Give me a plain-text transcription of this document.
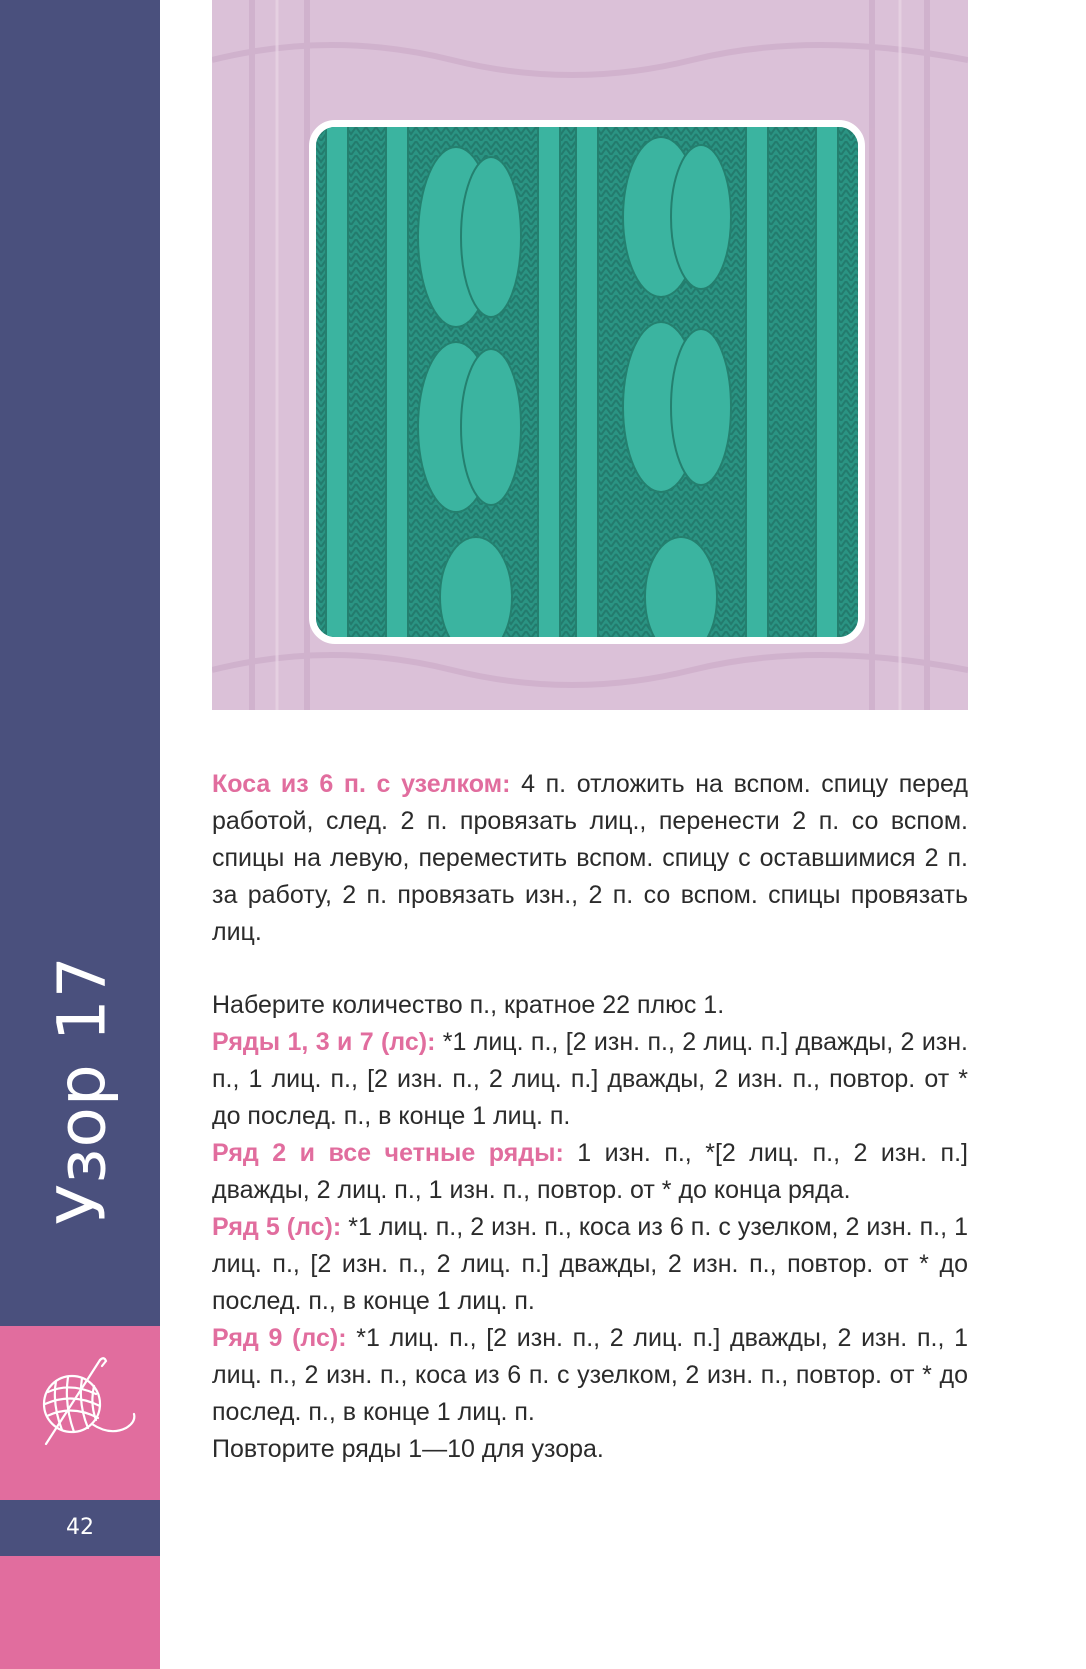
Узор 17
42

Коса из 6 п. с узелком: 4 п. отложить на вспом. спицу перед работой, след. 2 п. провязать лиц., перенести 2 п. со вспом. спицы на левую, переместить вспом. спицу с оставшимися 2 п. за работу, 2 п. провязать изн., 2 п. со вспом. спицы провязать лиц.

Наберите количество п., кратное 22 плюс 1.

Ряды 1, 3 и 7 (лс): *1 лиц. п., [2 изн. п., 2 лиц. п.] дважды, 2 изн. п., 1 лиц. п., [2 изн. п., 2 лиц. п.] дважды, 2 изн. п., повтор. от * до послед. п., в конце 1 лиц. п.

Ряд 2 и все четные ряды: 1 изн. п., *[2 лиц. п., 2 изн. п.] дважды, 2 лиц. п., 1 изн. п., повтор. от * до конца ряда.

Ряд 5 (лс): *1 лиц. п., 2 изн. п., коса из 6 п. с узелком, 2 изн. п., 1 лиц. п., [2 изн. п., 2 лиц. п.] дважды, 2 изн. п., повтор. от * до послед. п., в конце 1 лиц. п.

Ряд 9 (лс): *1 лиц. п., [2 изн. п., 2 лиц. п.] дважды, 2 изн. п., 1 лиц. п., 2 изн. п., коса из 6 п. с узелком, 2 изн. п., повтор. от * до послед. п., в конце 1 лиц. п.

Повторите ряды 1—10 для узора.
